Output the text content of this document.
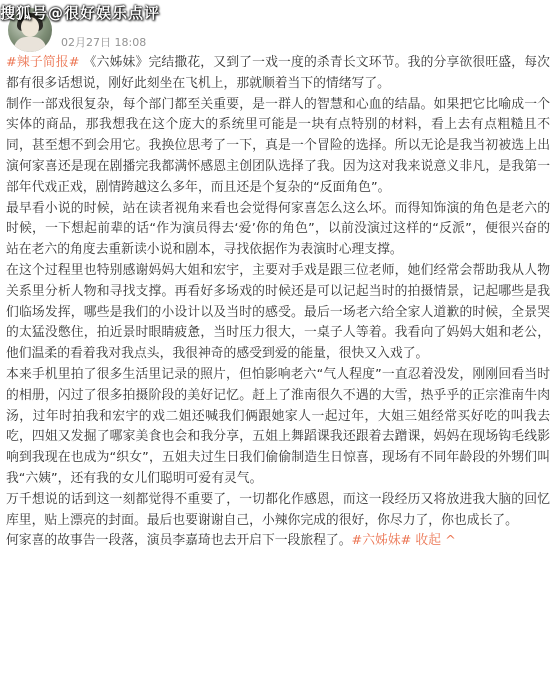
搜狐号@很好娱乐点评
02月27日 18:08

#辣子简报# 《六姊妹》完结撒花，又到了一戏一度的杀青长文环节。我的分享欲很旺盛，每次都有很多话想说，刚好此刻坐在飞机上，那就顺着当下的情绪写了。

制作一部戏很复杂，每个部门都至关重要，是一群人的智慧和心血的结晶。如果把它比喻成一个实体的商品，那我想我在这个庞大的系统里可能是一块有点特别的材料，看上去有点粗糙且不同，甚至想不到会用它。我换位思考了一下，真是一个冒险的选择。所以无论是我当初被选上出演何家喜还是现在剧播完我都满怀感恩主创团队选择了我。因为这对我来说意义非凡，是我第一部年代戏正戏，剧情跨越这么多年，而且还是个复杂的“反面角色”。

最早看小说的时候，站在读者视角来看也会觉得何家喜怎么这么坏。而得知饰演的角色是老六的时候，一下想起前辈的话“作为演员得去‘爱’你的角色”，以前没演过这样的“反派”，便很兴奋的站在老六的角度去重新读小说和剧本，寻找依据作为表演时心理支撑。

在这个过程里也特别感谢妈妈大姐和宏宇，主要对手戏是跟三位老师，她们经常会帮助我从人物关系里分析人物和寻找支撑。再看好多场戏的时候还是可以记起当时的拍摄情景，记起哪些是我们临场发挥，哪些是我们的小设计以及当时的感受。最后一场老六给全家人道歉的时候，全景哭的太猛没憋住，拍近景时眼睛疲惫，当时压力很大，一桌子人等着。我看向了妈妈大姐和老公，他们温柔的看着我对我点头，我很神奇的感受到爱的能量，很快又入戏了。

本来手机里拍了很多生活里记录的照片，但怕影响老六“气人程度”一直忍着没发，刚刚回看当时的相册，闪过了很多拍摄阶段的美好记忆。赶上了淮南很久不遇的大雪，热乎乎的正宗淮南牛肉汤，过年时拍我和宏宇的戏二姐还喊我们俩跟她家人一起过年，大姐三姐经常买好吃的叫我去吃，四姐又发掘了哪家美食也会和我分享，五姐上舞蹈课我还跟着去蹭课，妈妈在现场钩毛线影响到我现在也成为“织女”，五姐夫过生日我们偷偷制造生日惊喜，现场有不同年龄段的外甥们叫我“六姨”，还有我的女儿们聪明可爱有灵气。

万千想说的话到这一刻都觉得不重要了，一切都化作感恩，而这一段经历又将放进我大脑的回忆库里，贴上漂亮的封面。最后也要谢谢自己，小辣你完成的很好，你尽力了，你也成长了。

何家喜的故事告一段落，演员李嘉琦也去开启下一段旅程了。#六姊妹# 收起 ^
